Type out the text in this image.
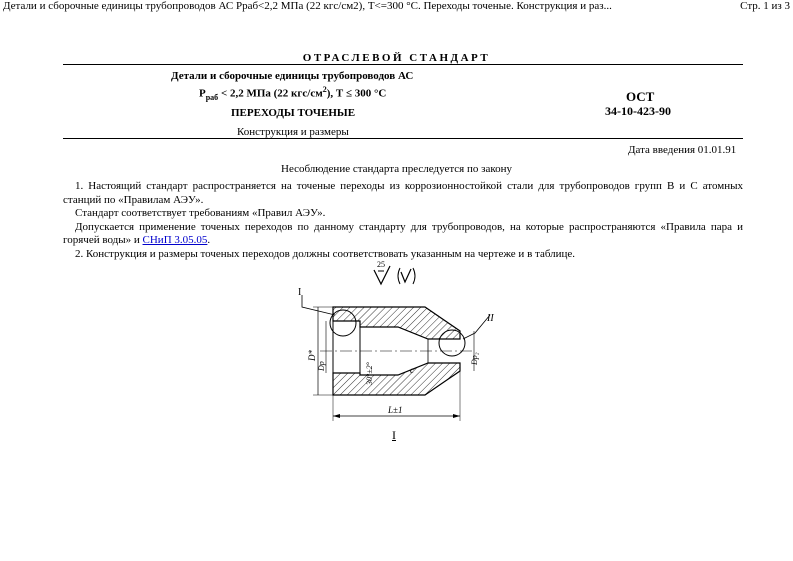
Детали и сборочные единицы трубопроводов АС Рраб<2,2 МПа (22 кгс/см2), Т<=300 °С. Переходы точеные. Конструкция и раз...	Стр. 1 из 3
ОТРАСЛЕВОЙ СТАНДАРТ
Детали и сборочные единицы трубопроводов АС
$Р_{раб} < 2,2$ МПа (22 кгс/$см^2$), Т ≤ 300 °С
ПЕРЕХОДЫ ТОЧЕНЫЕ
Конструкция и размеры
ОСТ
34-10-423-90
Дата введения 01.01.91
Несоблюдение стандарта преследуется по закону

1. Настоящий стандарт распространяется на точеные переходы из коррозионностойкой стали для трубопроводов групп В и С атомных станций по «Правилам АЭУ».

Стандарт соответствует требованиям «Правил АЭУ».

Допускается применение точеных переходов по данному стандарту для трубопроводов, на которые распространяются «Правила пара и горячей воды» и СНиП 3.05.05.

2. Конструкция и размеры точеных переходов должны соответствовать указанным на чертеже и в таблице.

25
I
II
D*
Dp	30°±2°	c
Dp₂
L±1
I
